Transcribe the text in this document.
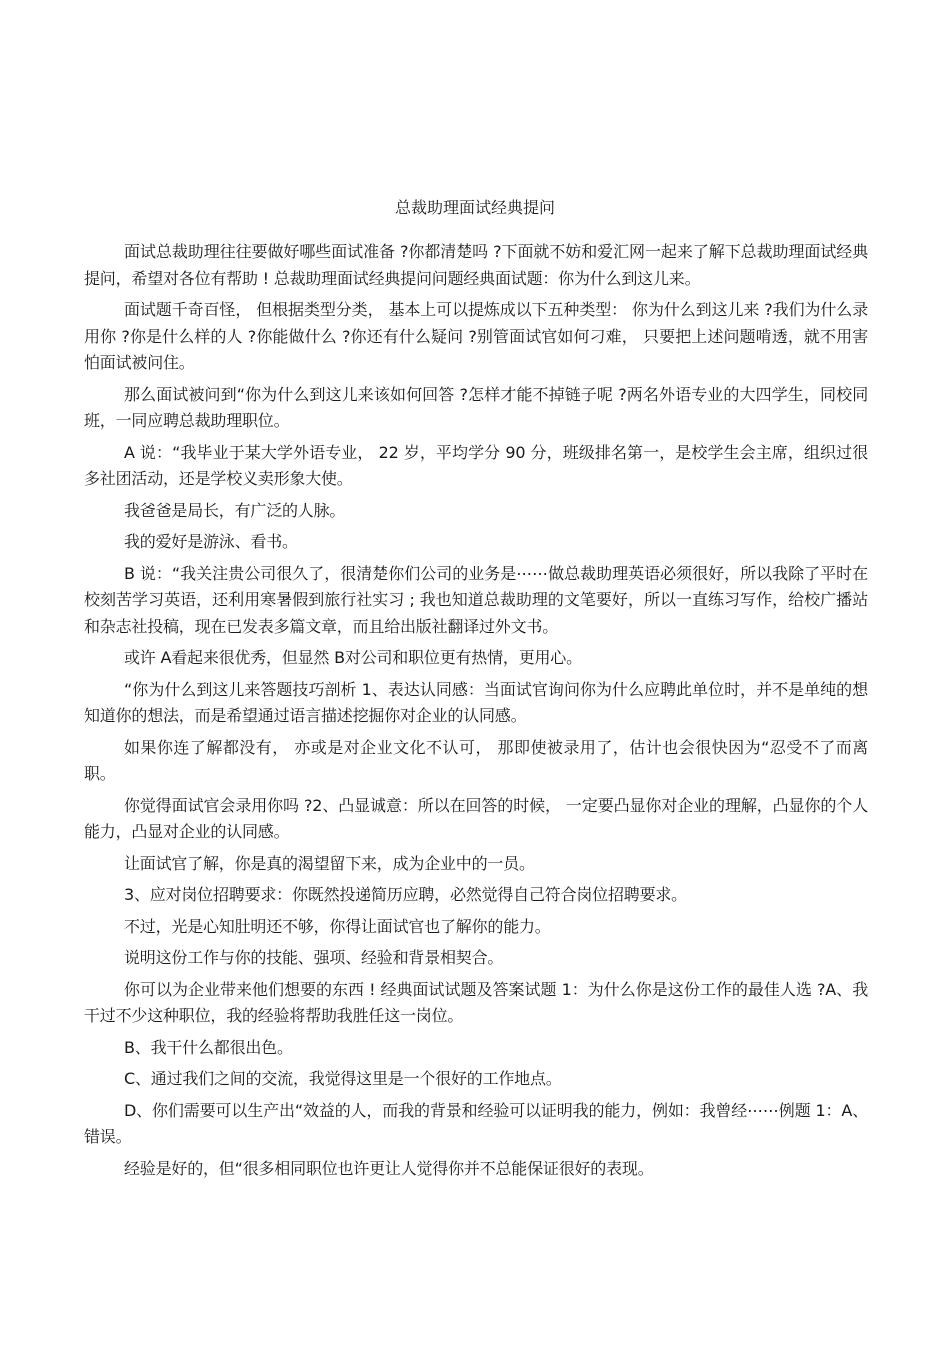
总裁助理面试经典提问

面试总裁助理往往要做好哪些面试准备 ?你都清楚吗 ?下面就不妨和爱汇网一起来了解下总裁助理面试经典提问，希望对各位有帮助 ! 总裁助理面试经典提问问题经典面试题：你为什么到这儿来。

面试题千奇百怪， 但根据类型分类， 基本上可以提炼成以下五种类型： 你为什么到这儿来 ?我们为什么录用你 ?你是什么样的人 ?你能做什么 ?你还有什么疑问 ?别管面试官如何刁难， 只要把上述问题啃透，就不用害怕面试被问住。

那么面试被问到“你为什么到这儿来该如何回答 ?怎样才能不掉链子呢 ?两名外语专业的大四学生，同校同班，一同应聘总裁助理职位。

A 说：“我毕业于某大学外语专业， 22 岁，平均学分 90 分，班级排名第一，是校学生会主席，组织过很多社团活动，还是学校义卖形象大使。

我爸爸是局长，有广泛的人脉。

我的爱好是游泳、看书。

B 说：“我关注贵公司很久了，很清楚你们公司的业务是⋯⋯做总裁助理英语必须很好，所以我除了平时在校刻苦学习英语，还利用寒暑假到旅行社实习 ; 我也知道总裁助理的文笔要好，所以一直练习写作，给校广播站和杂志社投稿，现在已发表多篇文章，而且给出版社翻译过外文书。

或许 A看起来很优秀，但显然 B对公司和职位更有热情，更用心。

“你为什么到这儿来答题技巧剖析 1、表达认同感：当面试官询问你为什么应聘此单位时，并不是单纯的想知道你的想法，而是希望通过语言描述挖掘你对企业的认同感。

如果你连了解都没有， 亦或是对企业文化不认可， 那即使被录用了，估计也会很快因为“忍受不了而离职。

你觉得面试官会录用你吗 ?2、凸显诚意：所以在回答的时候， 一定要凸显你对企业的理解，凸显你的个人能力，凸显对企业的认同感。

让面试官了解，你是真的渴望留下来，成为企业中的一员。

3、应对岗位招聘要求：你既然投递简历应聘，必然觉得自己符合岗位招聘要求。

不过，光是心知肚明还不够，你得让面试官也了解你的能力。

说明这份工作与你的技能、强项、经验和背景相契合。

你可以为企业带来他们想要的东西 ! 经典面试试题及答案试题 1：为什么你是这份工作的最佳人选 ?A、我干过不少这种职位，我的经验将帮助我胜任这一岗位。

B、我干什么都很出色。

C、通过我们之间的交流，我觉得这里是一个很好的工作地点。

D、你们需要可以生产出“效益的人，而我的背景和经验可以证明我的能力，例如：我曾经⋯⋯例题 1：A、错误。

经验是好的，但“很多相同职位也许更让人觉得你并不总能保证很好的表现。
